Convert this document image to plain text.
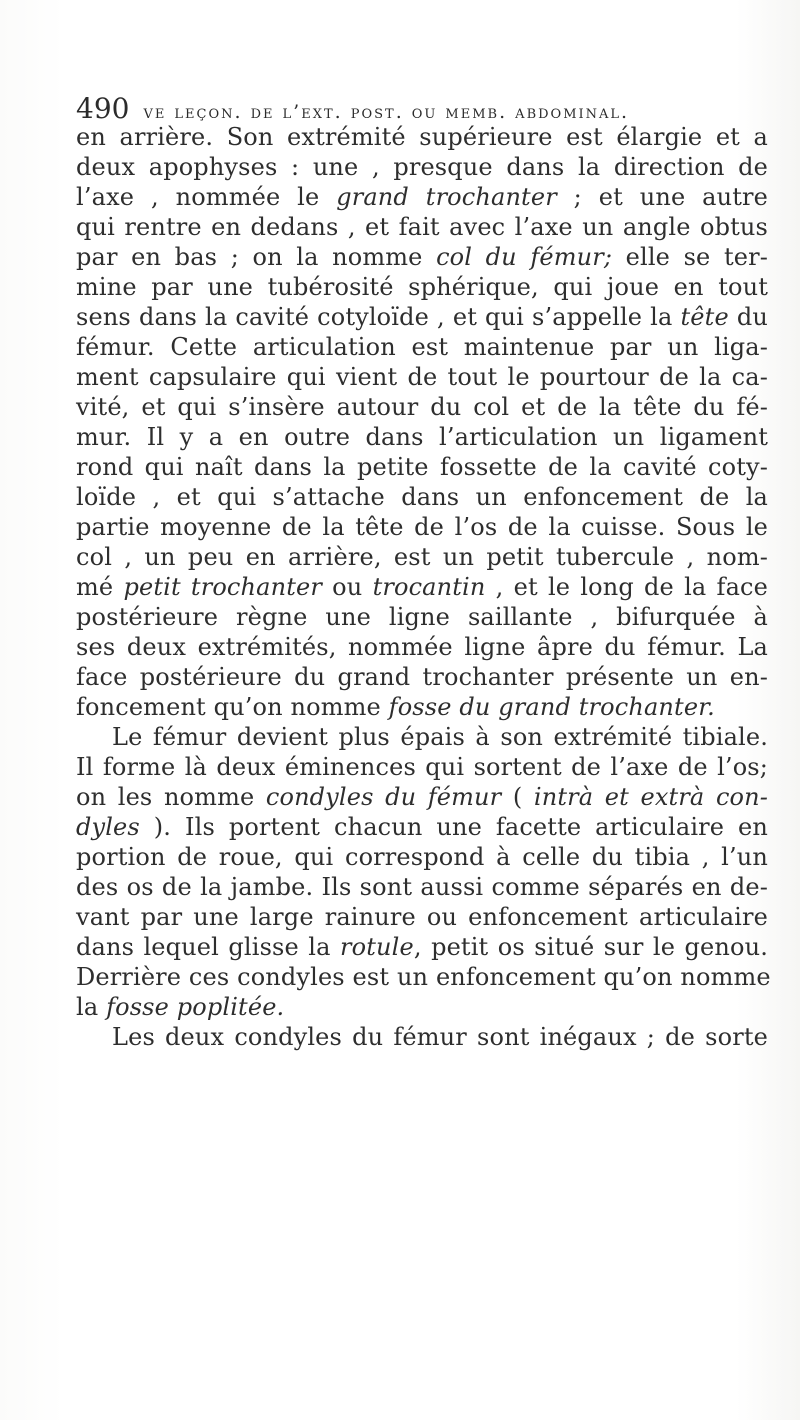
490 ve leçon. de l’ext. post. ou memb. abdominal.
en arrière. Son extrémité supérieure est élargie et a
deux apophyses : une , presque dans la direction de
l’axe , nommée le grand trochanter ; et une autre
qui rentre en dedans , et fait avec l’axe un angle obtus
par en bas ; on la nomme col du fémur; elle se ter-
mine par une tubérosité sphérique, qui joue en tout
sens dans la cavité cotyloïde , et qui s’appelle la tête du
fémur. Cette articulation est maintenue par un liga-
ment capsulaire qui vient de tout le pourtour de la ca-
vité, et qui s’insère autour du col et de la tête du fé-
mur. Il y a en outre dans l’articulation un ligament
rond qui naît dans la petite fossette de la cavité coty-
loïde , et qui s’attache dans un enfoncement de la
partie moyenne de la tête de l’os de la cuisse. Sous le
col , un peu en arrière, est un petit tubercule , nom-
mé petit trochanter ou trocantin , et le long de la face
postérieure règne une ligne saillante , bifurquée à
ses deux extrémités, nommée ligne âpre du fémur. La
face postérieure du grand trochanter présente un en-
foncement qu’on nomme fosse du grand trochanter.
Le fémur devient plus épais à son extrémité tibiale.
Il forme là deux éminences qui sortent de l’axe de l’os;
on les nomme condyles du fémur ( intrà et extrà con-
dyles ). Ils portent chacun une facette articulaire en
portion de roue, qui correspond à celle du tibia , l’un
des os de la jambe. Ils sont aussi comme séparés en de-
vant par une large rainure ou enfoncement articulaire
dans lequel glisse la rotule, petit os situé sur le genou.
Derrière ces condyles est un enfoncement qu’on nomme
la fosse poplitée.
Les deux condyles du fémur sont inégaux ; de sorte
